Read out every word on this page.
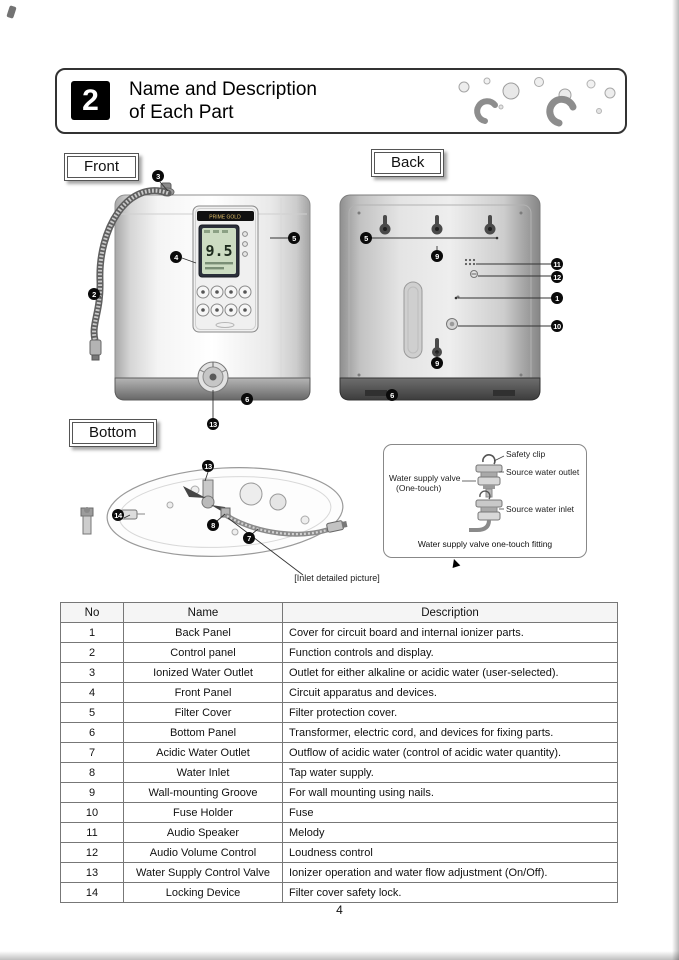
2	Name and Description
of Each Part
Front	Back
Bottom
PRIME GOLD
9.5
Safety clip
Source water outlet
Water supply valve
(One-touch)
Source water inlet
Water supply valve one-touch fitting
▲
[Inlet detailed picture]
3
2
4
5	5
6
13
9
9
11
12
1
10
6
13
14
8
7
No	Name	Description
1	Back Panel	Cover for circuit board and internal ionizer parts.
2	Control panel	Function controls and display.
3	Ionized Water Outlet	Outlet for either alkaline or acidic water (user-selected).
4	Front Panel	Circuit apparatus and devices.
5	Filter Cover	Filter protection cover.
6	Bottom Panel	Transformer, electric cord, and devices for fixing parts.
7	Acidic Water Outlet	Outflow of acidic water (control of acidic water quantity).
8	Water Inlet	Tap water supply.
9	Wall-mounting Groove	For wall mounting using nails.
10	Fuse Holder	Fuse
11	Audio Speaker	Melody
12	Audio Volume Control	Loudness control
13	Water Supply Control Valve	Ionizer operation and water flow adjustment (On/Off).
14	Locking Device	Filter cover safety lock.
4
